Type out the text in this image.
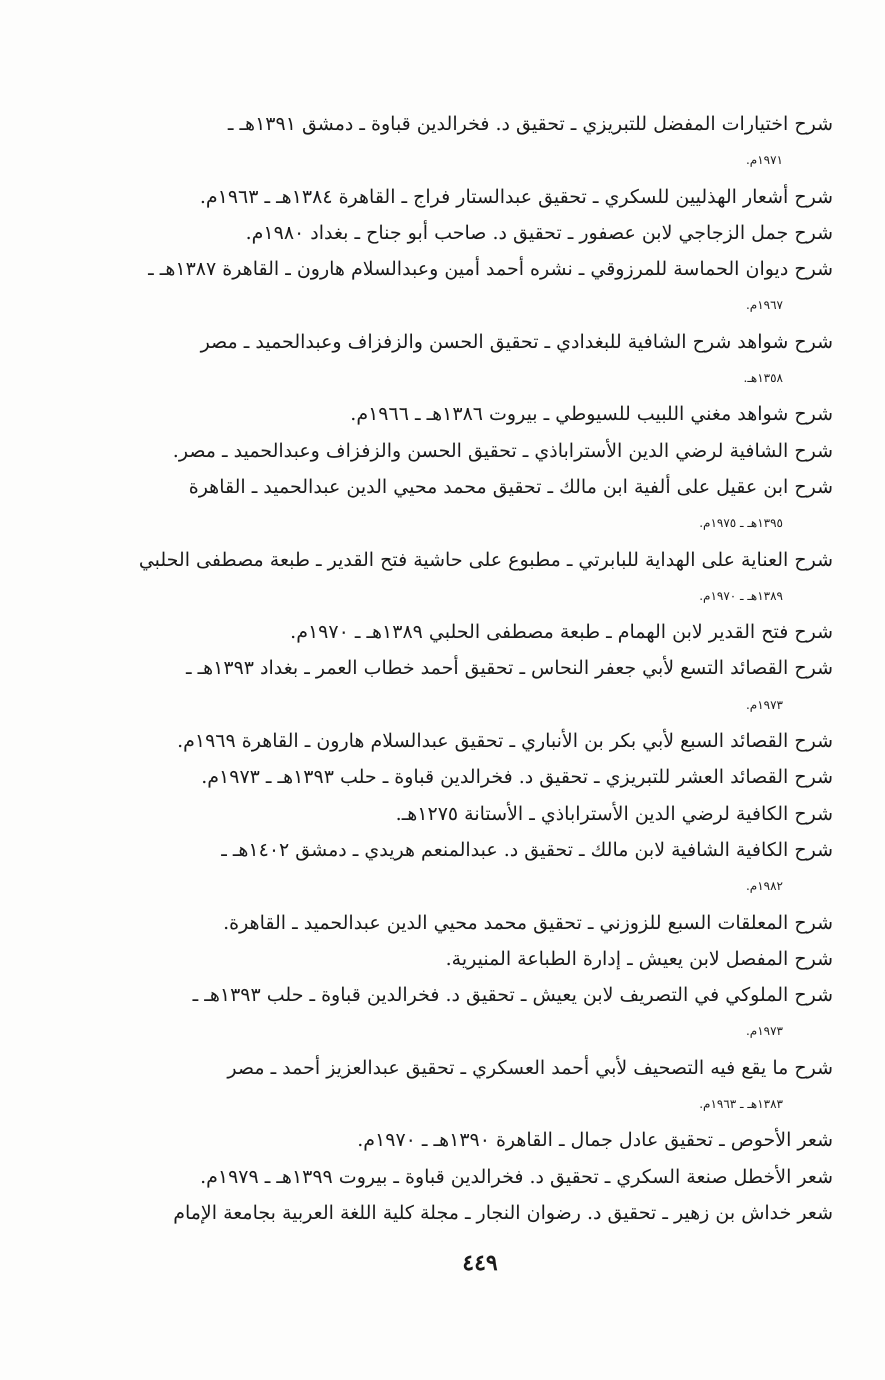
شرح اختيارات المفضل للتبريزي ـ تحقيق د. فخرالدين قباوة ـ دمشق ١٣٩١هـ ـ
١٩٧١م.
شرح أشعار الهذليين للسكري ـ تحقيق عبدالستار فراج ـ القاهرة ١٣٨٤هـ ـ ١٩٦٣م.
شرح جمل الزجاجي لابن عصفور ـ تحقيق د. صاحب أبو جناح ـ بغداد ١٩٨٠م.
شرح ديوان الحماسة للمرزوقي ـ نشره أحمد أمين وعبدالسلام هارون ـ القاهرة ١٣٨٧هـ ـ
١٩٦٧م.
شرح شواهد شرح الشافية للبغدادي ـ تحقيق الحسن والزفزاف وعبدالحميد ـ مصر
١٣٥٨هـ.
شرح شواهد مغني اللبيب للسيوطي ـ بيروت ١٣٨٦هـ ـ ١٩٦٦م.
شرح الشافية لرضي الدين الأستراباذي ـ تحقيق الحسن والزفزاف وعبدالحميد ـ مصر.
شرح ابن عقيل على ألفية ابن مالك ـ تحقيق محمد محيي الدين عبدالحميد ـ القاهرة
١٣٩٥هـ ـ ١٩٧٥م.
شرح العناية على الهداية للبابرتي ـ مطبوع على حاشية فتح القدير ـ طبعة مصطفى الحلبي
١٣٨٩هـ ـ ١٩٧٠م.
شرح فتح القدير لابن الهمام ـ طبعة مصطفى الحلبي ١٣٨٩هـ ـ ١٩٧٠م.
شرح القصائد التسع لأبي جعفر النحاس ـ تحقيق أحمد خطاب العمر ـ بغداد ١٣٩٣هـ ـ
١٩٧٣م.
شرح القصائد السبع لأبي بكر بن الأنباري ـ تحقيق عبدالسلام هارون ـ القاهرة ١٩٦٩م.
شرح القصائد العشر للتبريزي ـ تحقيق د. فخرالدين قباوة ـ حلب ١٣٩٣هـ ـ ١٩٧٣م.
شرح الكافية لرضي الدين الأستراباذي ـ الأستانة ١٢٧٥هـ.
شرح الكافية الشافية لابن مالك ـ تحقيق د. عبدالمنعم هريدي ـ دمشق ١٤٠٢هـ ـ
١٩٨٢م.
شرح المعلقات السبع للزوزني ـ تحقيق محمد محيي الدين عبدالحميد ـ القاهرة.
شرح المفصل لابن يعيش ـ إدارة الطباعة المنيرية.
شرح الملوكي في التصريف لابن يعيش ـ تحقيق د. فخرالدين قباوة ـ حلب ١٣٩٣هـ ـ
١٩٧٣م.
شرح ما يقع فيه التصحيف لأبي أحمد العسكري ـ تحقيق عبدالعزيز أحمد ـ مصر
١٣٨٣هـ ـ ١٩٦٣م.
شعر الأحوص ـ تحقيق عادل جمال ـ القاهرة ١٣٩٠هـ ـ ١٩٧٠م.
شعر الأخطل صنعة السكري ـ تحقيق د. فخرالدين قباوة ـ بيروت ١٣٩٩هـ ـ ١٩٧٩م.
شعر خداش بن زهير ـ تحقيق د. رضوان النجار ـ مجلة كلية اللغة العربية بجامعة الإمام
٤٤٩
